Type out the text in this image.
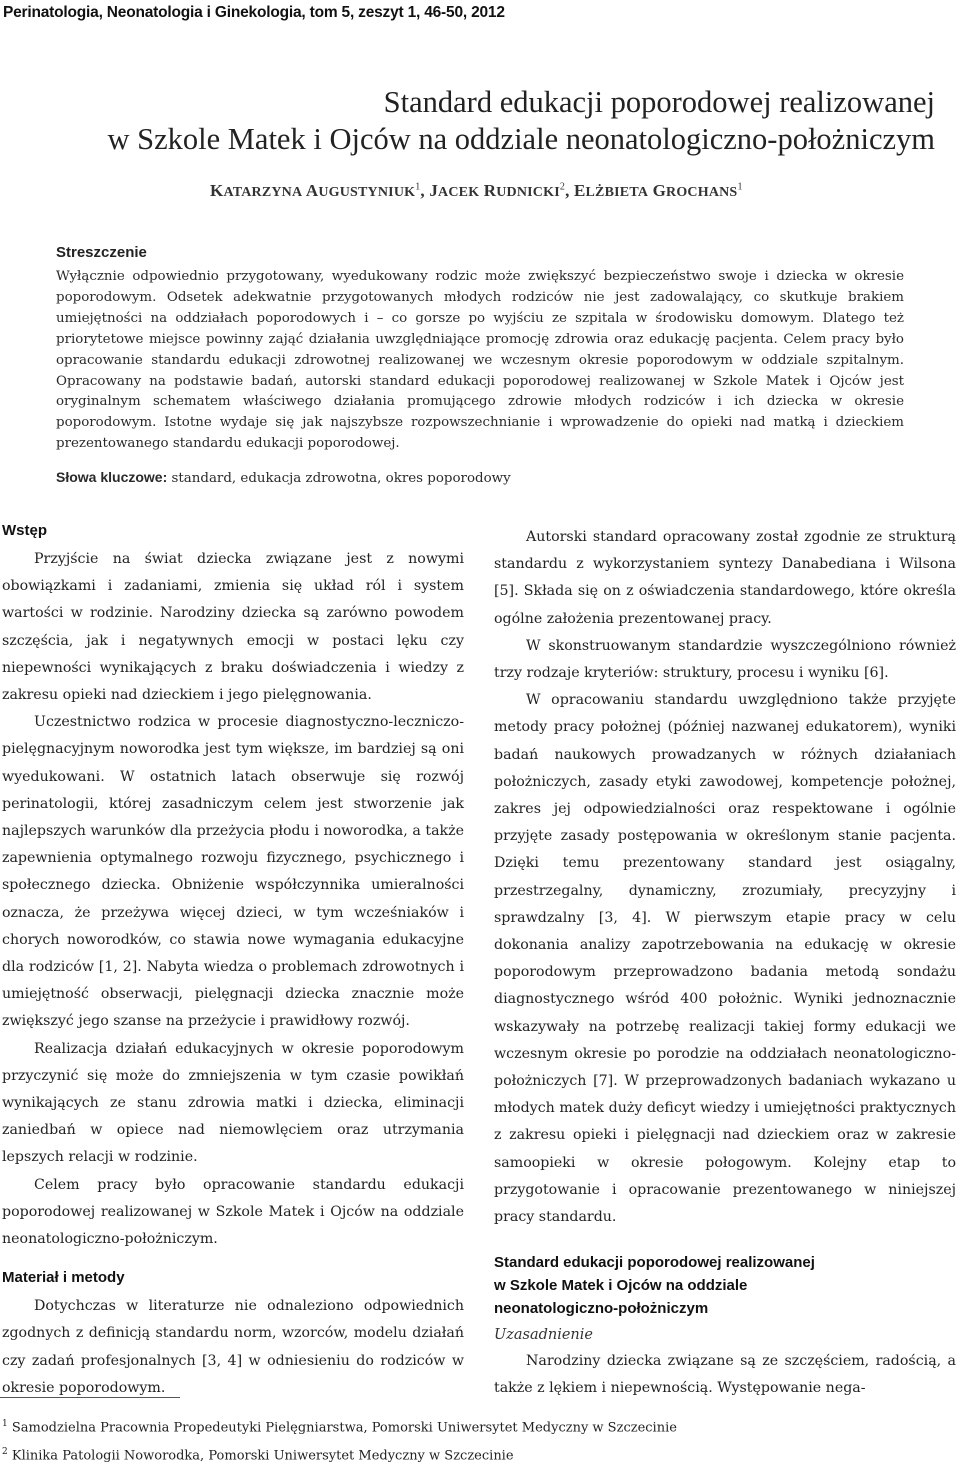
Perinatologia, Neonatologia i Ginekologia, tom 5, zeszyt 1, 46-50, 2012
Standard edukacji poporodowej realizowanej
w Szkole Matek i Ojców na oddziale neonatologiczno-położniczym
KATARZYNA AUGUSTYNIUK$^1$, JACEK RUDNICKI$^2$, ELŻBIETA GROCHANS$^1$
Streszczenie

Wyłącznie odpowiednio przygotowany, wyedukowany rodzic może zwiększyć bezpieczeństwo swoje i dziecka w okresie poporodowym. Odsetek adekwatnie przygotowanych młodych rodziców nie jest zadowalający, co skutkuje brakiem umiejętności na oddziałach poporodowych i – co gorsze po wyjściu ze szpitala w środowisku domowym. Dlatego też priorytetowe miejsce powinny zająć działania uwzględniające promocję zdrowia oraz edukację pacjenta. Celem pracy było opracowanie standardu edukacji zdrowotnej realizowanej we wczesnym okresie poporodowym w oddziale szpitalnym. Opracowany na podstawie badań, autorski standard edukacji poporodowej realizowanej w Szkole Matek i Ojców jest oryginalnym schematem właściwego działania promującego zdrowie młodych rodziców i ich dziecka w okresie poporodowym. Istotne wydaje się jak najszybsze rozpowszechnianie i wprowadzenie do opieki nad matką i dzieckiem prezentowanego standardu edukacji poporodowej.

Słowa kluczowe: standard, edukacja zdrowotna, okres poporodowy
Wstęp

Przyjście na świat dziecka związane jest z nowymi obowiązkami i zadaniami, zmienia się układ ról i system wartości w rodzinie. Narodziny dziecka są zarówno powodem szczęścia, jak i negatywnych emocji w postaci lęku czy niepewności wynikających z braku doświadczenia i wiedzy z zakresu opieki nad dzieckiem i jego pielęgnowania.

Uczestnictwo rodzica w procesie diagnostyczno-leczniczo-pielęgnacyjnym noworodka jest tym większe, im bardziej są oni wyedukowani. W ostatnich latach obserwuje się rozwój perinatologii, której zasadniczym celem jest stworzenie jak najlepszych warunków dla przeżycia płodu i noworodka, a także zapewnienia optymalnego rozwoju fizycznego, psychicznego i społecznego dziecka. Obniżenie współczynnika umieralności oznacza, że przeżywa więcej dzieci, w tym wcześniaków i chorych noworodków, co stawia nowe wymagania edukacyjne dla rodziców [1, 2]. Nabyta wiedza o problemach zdrowotnych i umiejętność obserwacji, pielęgnacji dziecka znacznie może zwiększyć jego szanse na przeżycie i prawidłowy rozwój.

Realizacja działań edukacyjnych w okresie poporodowym przyczynić się może do zmniejszenia w tym czasie powikłań wynikających ze stanu zdrowia matki i dziecka, eliminacji zaniedbań w opiece nad niemowlęciem oraz utrzymania lepszych relacji w rodzinie.

Celem pracy było opracowanie standardu edukacji poporodowej realizowanej w Szkole Matek i Ojców na oddziale neonatologiczno-położniczym.

Materiał i metody

Dotychczas w literaturze nie odnaleziono odpowiednich zgodnych z definicją standardu norm, wzorców, modelu działań czy zadań profesjonalnych [3, 4] w odniesieniu do rodziców w okresie poporodowym.

Autorski standard opracowany został zgodnie ze strukturą standardu z wykorzystaniem syntezy Danabediana i Wilsona [5]. Składa się on z oświadczenia standardowego, które określa ogólne założenia prezentowanej pracy.

W skonstruowanym standardzie wyszczególniono również trzy rodzaje kryteriów: struktury, procesu i wyniku [6].

W opracowaniu standardu uwzględniono także przyjęte metody pracy położnej (później nazwanej edukatorem), wyniki badań naukowych prowadzanych w różnych działaniach położniczych, zasady etyki zawodowej, kompetencje położnej, zakres jej odpowiedzialności oraz respektowane i ogólnie przyjęte zasady postępowania w określonym stanie pacjenta. Dzięki temu prezentowany standard jest osiągalny, przestrzegalny, dynamiczny, zrozumiały, precyzyjny i sprawdzalny [3, 4]. W pierwszym etapie pracy w celu dokonania analizy zapotrzebowania na edukację w okresie poporodowym przeprowadzono badania metodą sondażu diagnostycznego wśród 400 położnic. Wyniki jednoznacznie wskazywały na potrzebę realizacji takiej formy edukacji we wczesnym okresie po porodzie na oddziałach neonatologiczno-położniczych [7]. W przeprowadzonych badaniach wykazano u młodych matek duży deficyt wiedzy i umiejętności praktycznych z zakresu opieki i pielęgnacji nad dzieckiem oraz w zakresie samoopieki w okresie połogowym. Kolejny etap to przygotowanie i opracowanie prezentowanego w niniejszej pracy standardu.

Standard edukacji poporodowej realizowanej
w Szkole Matek i Ojców na oddziale
neonatologiczno-położniczym
Uzasadnienie

Narodziny dziecka związane są ze szczęściem, radością, a także z lękiem i niepewnością. Występowanie nega-

$^1$ Samodzielna Pracownia Propedeutyki Pielęgniarstwa, Pomorski Uniwersytet Medyczny w Szczecinie
$^2$ Klinika Patologii Noworodka, Pomorski Uniwersytet Medyczny w Szczecinie
